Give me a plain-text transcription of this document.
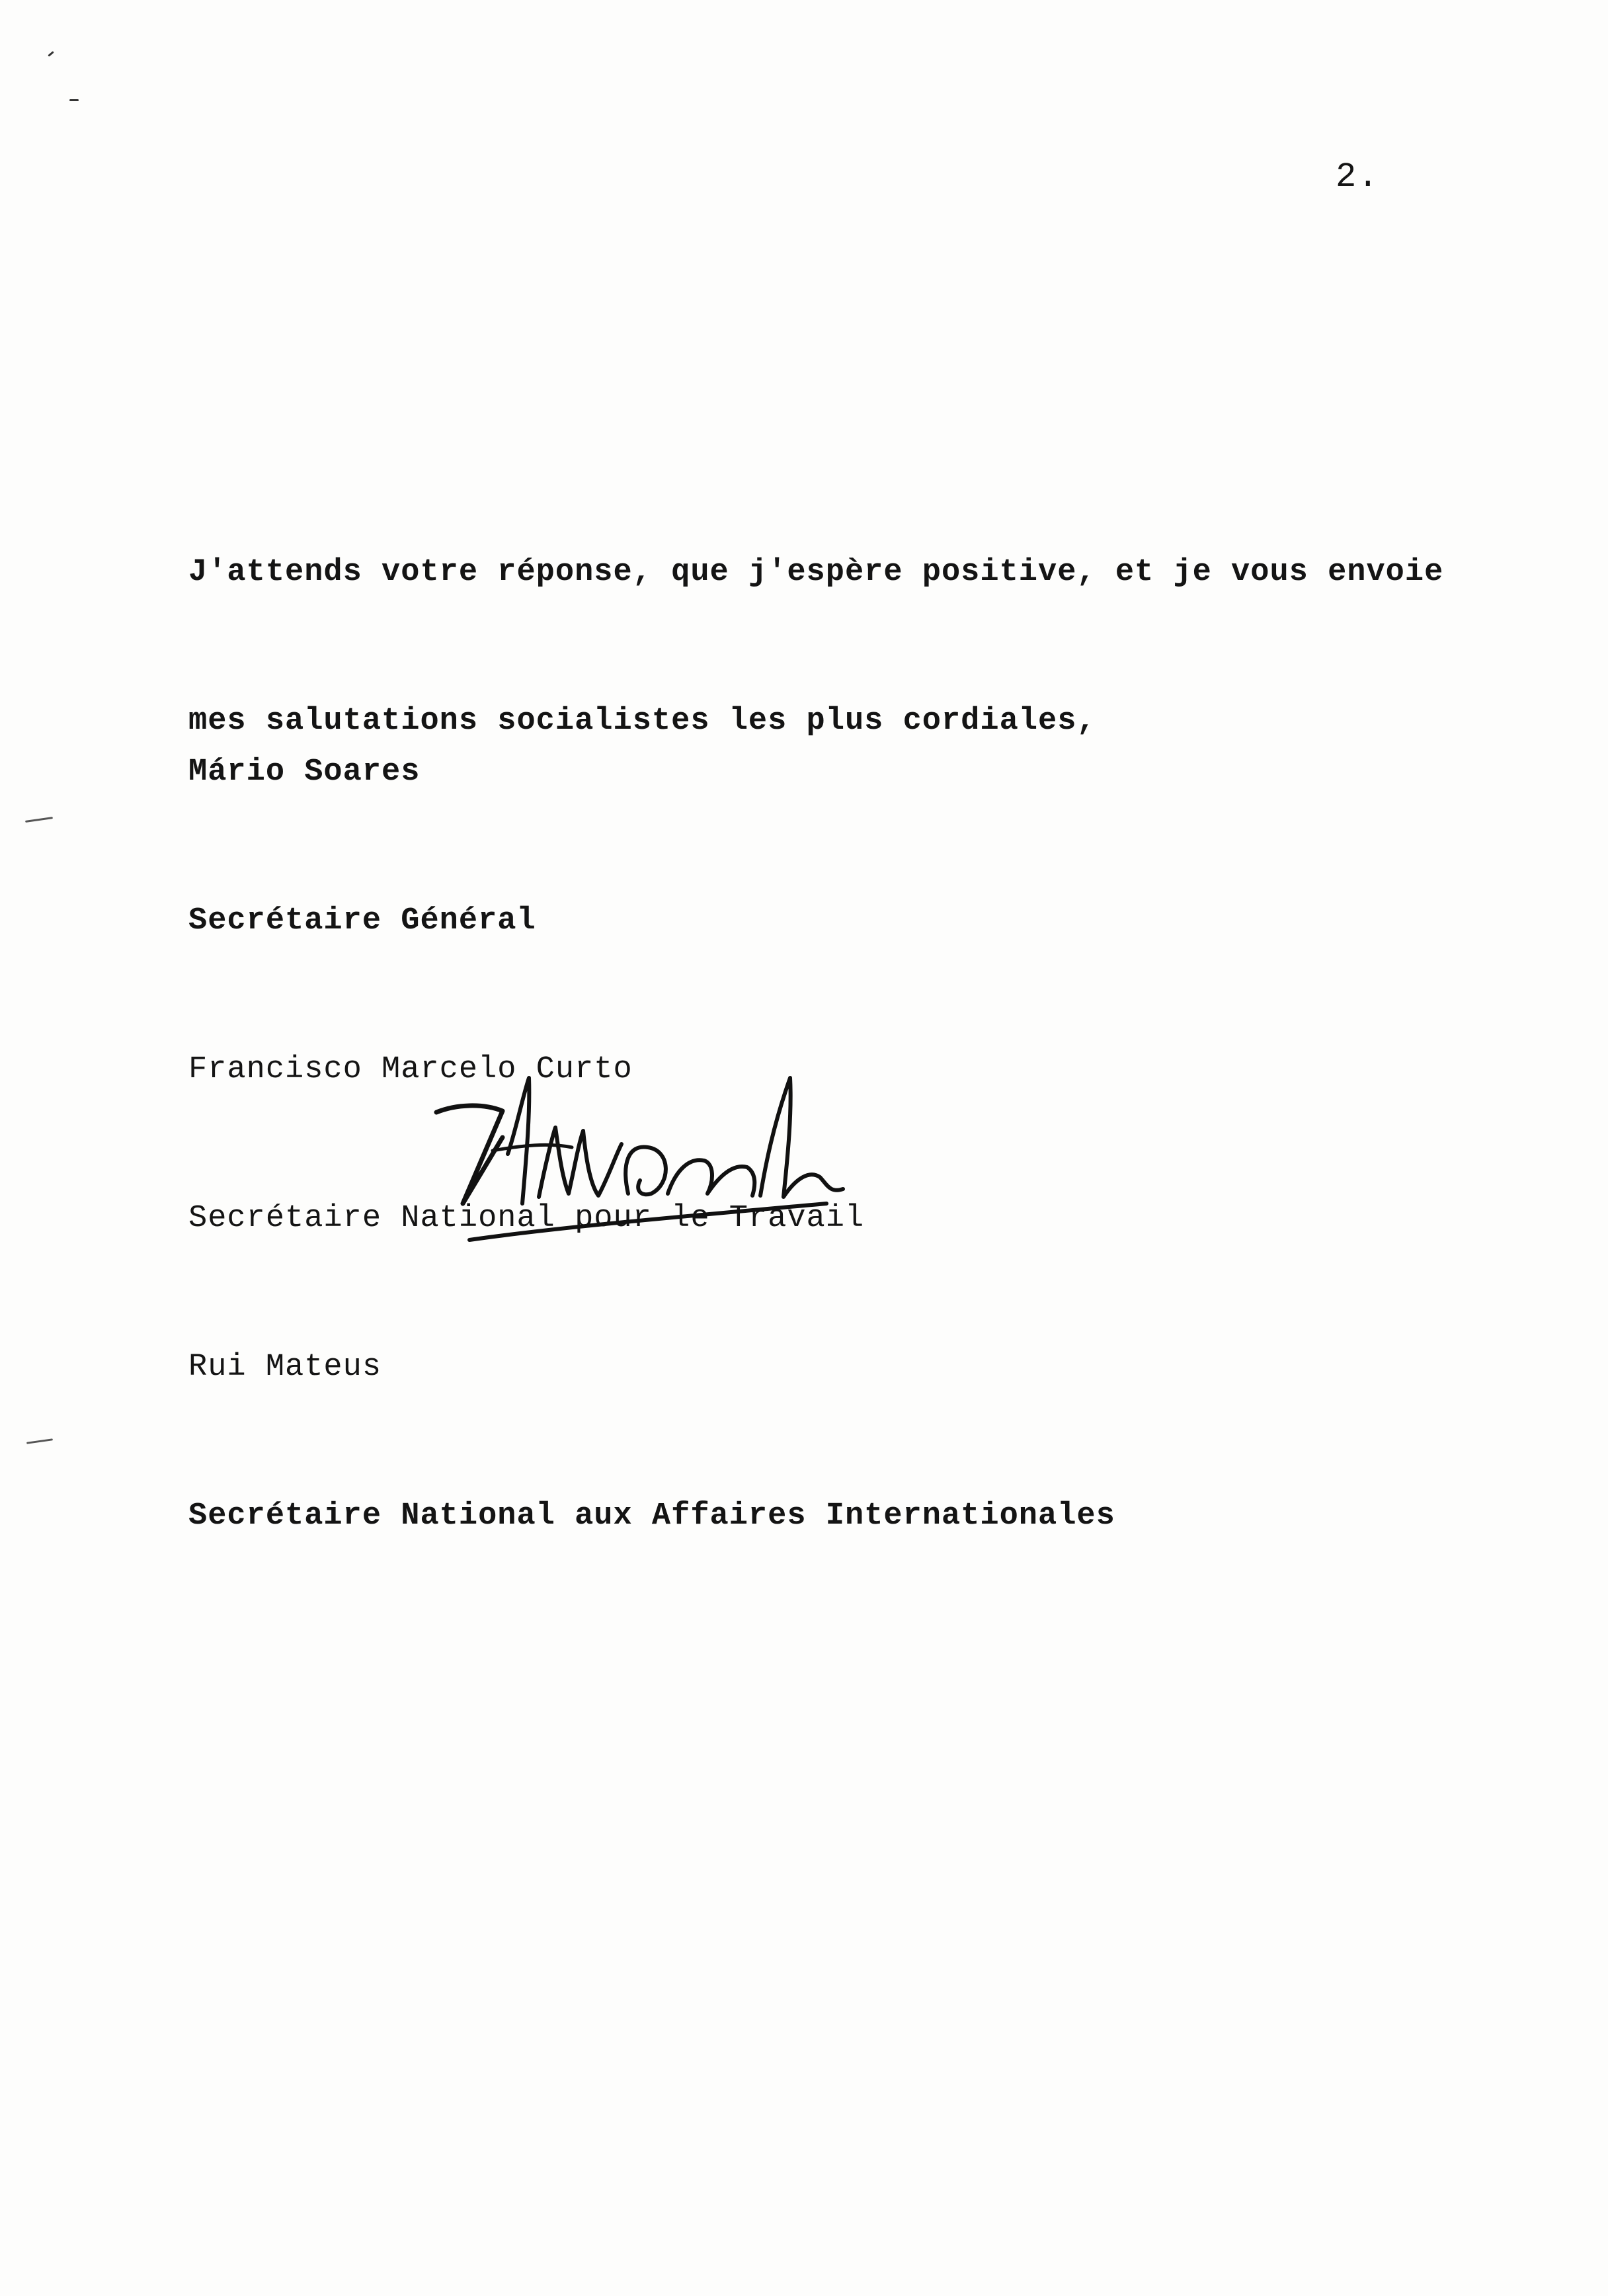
2.

J'attends votre réponse, que j'espère positive, et je vous envoie

mes salutations socialistes les plus cordiales,

Mário Soares

Secrétaire Général

Francisco Marcelo Curto

Secrétaire National pour le Travail

Rui Mateus

Secrétaire National aux Affaires Internationales
